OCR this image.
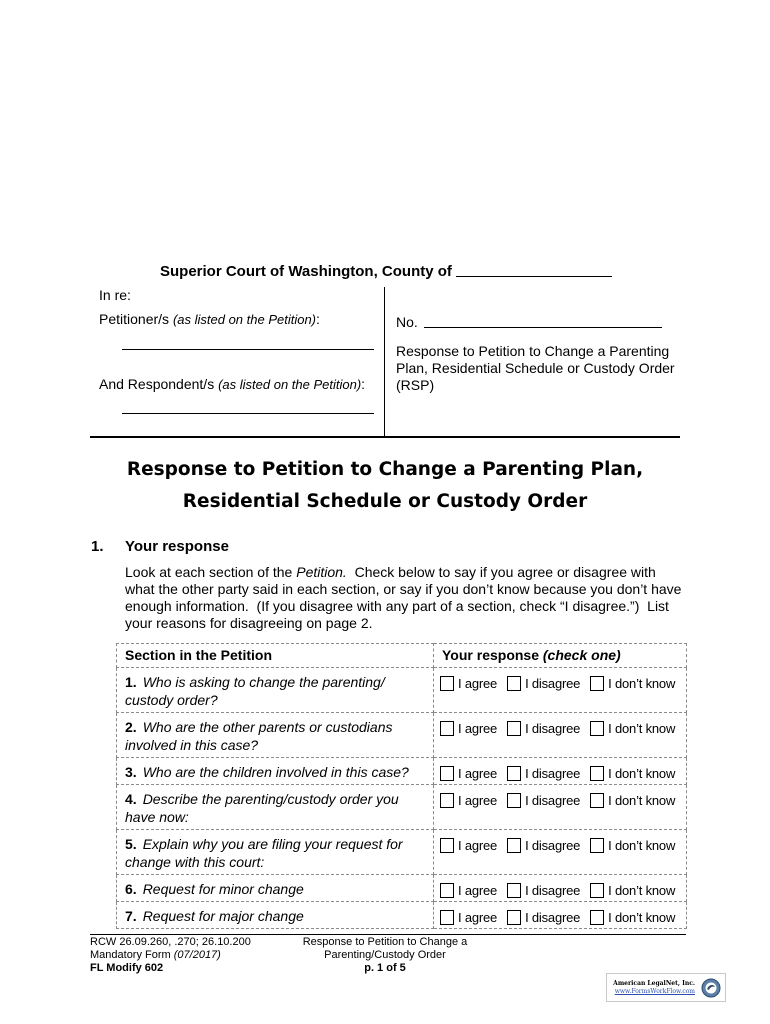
Superior Court of Washington, County of
In re:
Petitioner/s (as listed on the Petition):
And Respondent/s (as listed on the Petition):
No.
Response to Petition to Change a Parenting
Plan, Residential Schedule or Custody Order
(RSP)
Response to Petition to Change a Parenting Plan,
Residential Schedule or Custody Order
1. Your response

Look at each section of the Petition.  Check below to say if you agree or disagree with

what the other party said in each section, or say if you don’t know because you don’t have

enough information.  (If you disagree with any part of a section, check “I disagree.”)  List

your reasons for disagreeing on page 2.

Section in the Petition	Your response (check one)
1. Who is asking to change the parenting/ custody order?	I agree I disagree I don’t know

2. Who are the other parents or custodians involved in this case?	I agree I disagree I don’t know

3. Who are the children involved in this case?	I agree I disagree I don’t know

4. Describe the parenting/custody order you have now:	I agree I disagree I don’t know

5. Explain why you are filing your request for change with this court:	I agree I disagree I don’t know

6. Request for minor change	I agree I disagree I don’t know

7. Request for major change	I agree I disagree I don’t know
RCW 26.09.260, .270; 26.10.200
Mandatory Form (07/2017)
FL Modify 602
Response to Petition to Change a
Parenting/Custody Order
p. 1 of 5
American LegalNet, Inc.
www.FormsWorkFlow.com
